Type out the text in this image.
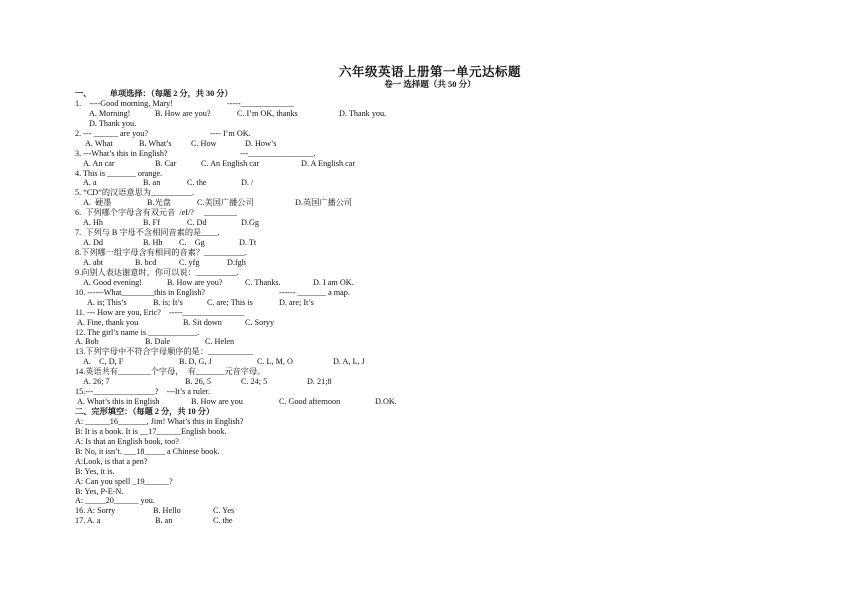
六年级英语上册第一单元达标题
卷一 选择题（共 50 分）
一、         单项选择：（每题 2 分，共 30 分）
1.    ----Good morning, Mary!	-----_____________
A. Morning!	B. How are you?	C. I’m OK, thanks	D. Thank you.
D. Thank you.
2. --- ______ are you?	---- I’m OK.
A. What	B. What’s C. How	D. How’s
3. ---What’s this in English?	---________________.
A. An car	B. Car	C. An English car	D. A English car
4. This is _______ orange.
A. a	B. an	C. the	D. /
5. “CD”的汉语意思为__________.
A.  硬墨	B.光盘	C.美国广播公司	D.英国广播公司
6.  下列哪个字母含有双元音  /eI/?     ________
A. Hh	B. Ff	C. Dd	D.Gg
7.  下列与 B 字母不含相同音素的是____.
A. Dd	B. Hh C.    Gg	D. Tt
8.下列哪一组字母含有相同的音素？__________.
A. abt	B. bcd	C. yfg	D.fgh
9.向别人表达谢意时，你可以说：__________.
A. Good evening!	B. How are you?	C. Thanks.	D. I am OK.
10. ------What________this in English?	------ _______ a map.
A. is; This’s	B. is; It’s	C. are; This is	D. are; It’s
11. --- How are you, Eric?    -----_______________
A. Fine, thank you	B. Sit down	C. Soryy
12. The girl’s name is ____________.
A. Bob	B. Dale	C. Helen
13.下列字母中不符合字母顺序的是：___________
A.    C, D, F	B. D, G, J	C. L, M, O	D. A, L, J
14.英语共有________个字母，  有_______元音字母。
A. 26; 7	B. 26, 5	C. 24; 5	D. 21;8
15.---_______________?    ---It’s a ruler.
A. What’s this in English	B. How are you	C. Good afternoon	D.OK.
二、完形填空：（每题 2 分，共 10 分）
A: ______16_______, Jim! What’s this in English?
B: It is a book. It is __17______English book.
A: Is that an English book, too?
B: No, it isn’t. ___18_____ a Chinese book.
A:Look, is that a pen?
B: Yes, it is.
A: Can you spell _19______?
B: Yes, P-E-N.
A: _____20______ you.
16. A: Sorry	B. Hello	C. Yes
17. A. a	B. an	C. the
